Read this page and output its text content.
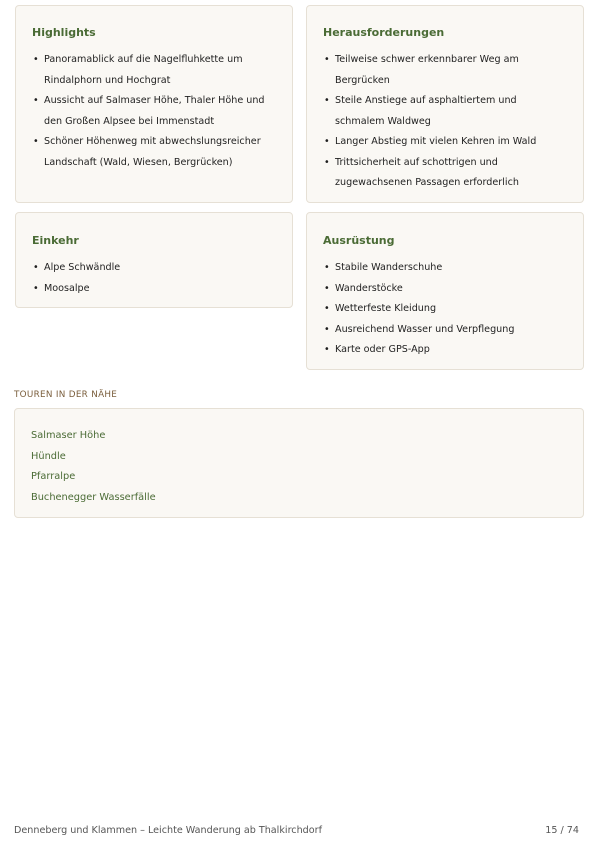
Highlights
• Panoramablick auf die Nagelfluhkette um Rindalphorn und Hochgrat
• Aussicht auf Salmaser Höhe, Thaler Höhe und den Großen Alpsee bei Immenstadt
• Schöner Höhenweg mit abwechslungsreicher Landschaft (Wald, Wiesen, Bergrücken)
Herausforderungen
• Teilweise schwer erkennbarer Weg am Bergrücken
• Steile Anstiege auf asphaltiertem und schmalem Waldweg
• Langer Abstieg mit vielen Kehren im Wald
• Trittsicherheit auf schottrigen und zugewachsenen Passagen erforderlich
Einkehr
• Alpe Schwändle
• Moosalpe
Ausrüstung
• Stabile Wanderschuhe
• Wanderstöcke
• Wetterfeste Kleidung
• Ausreichend Wasser und Verpflegung
• Karte oder GPS-App
TOUREN IN DER NÄHE
Salmaser Höhe
Hündle
Pfarralpe
Buchenegger Wasserfälle
Denneberg und Klammen – Leichte Wanderung ab Thalkirchdorf	15 / 74
